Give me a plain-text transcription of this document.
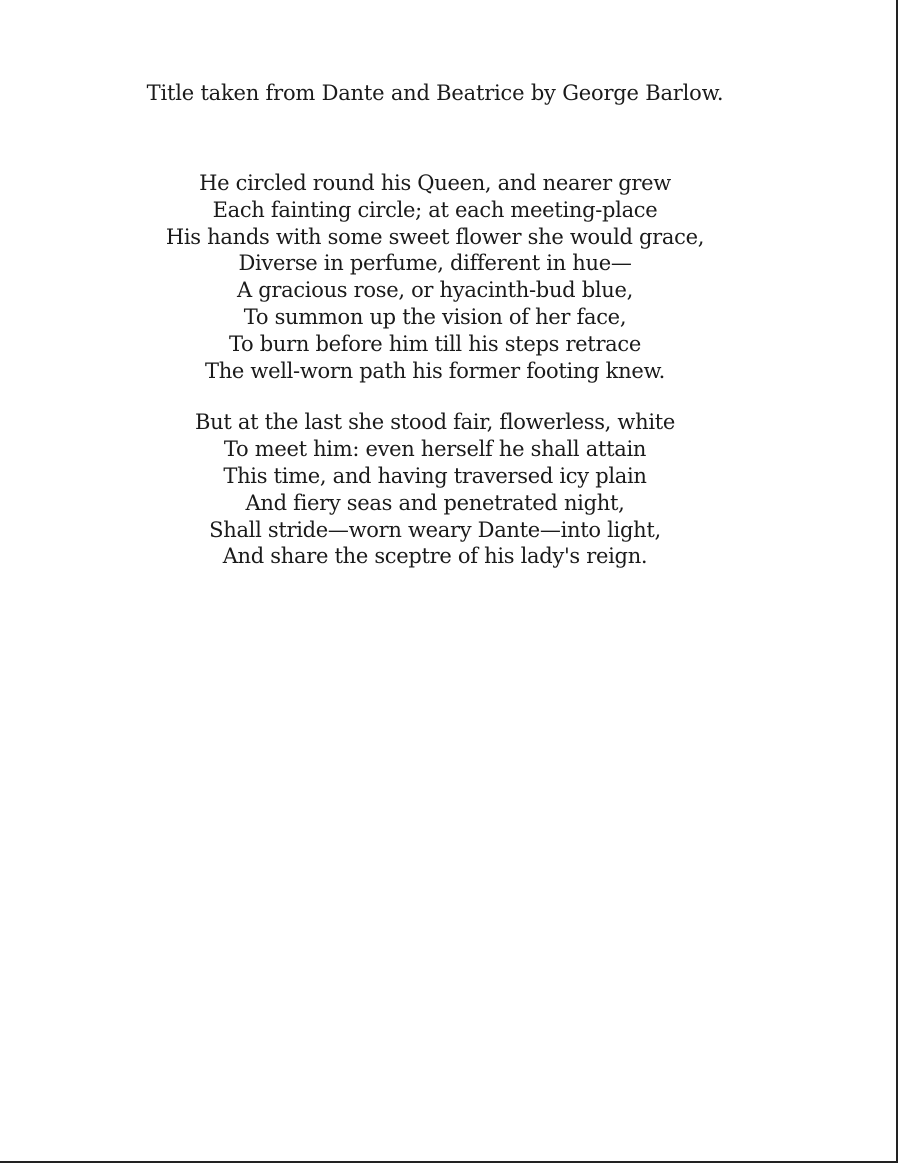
Title taken from Dante and Beatrice by George Barlow.

He circled round his Queen, and nearer grew
Each fainting circle; at each meeting-place
His hands with some sweet flower she would grace,
Diverse in perfume, different in hue—
A gracious rose, or hyacinth-bud blue,
To summon up the vision of her face,
To burn before him till his steps retrace
The well-worn path his former footing knew.
But at the last she stood fair, flowerless, white
To meet him: even herself he shall attain
This time, and having traversed icy plain
And fiery seas and penetrated night,
Shall stride—worn weary Dante—into light,
And share the sceptre of his lady's reign.
